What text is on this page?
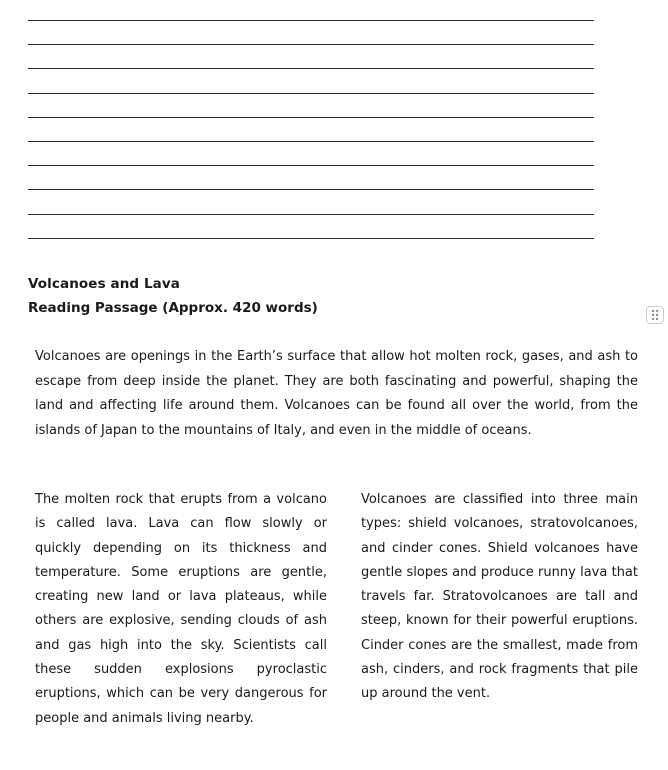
Volcanoes and Lava
Reading Passage (Approx. 420 words)

Volcanoes are openings in the Earth’s surface that allow hot molten rock, gases, and ash to escape from deep inside the planet. They are both fascinating and powerful, shaping the land and affecting life around them. Volcanoes can be found all over the world, from the islands of Japan to the mountains of Italy, and even in the middle of oceans.

The molten rock that erupts from a volcano is called lava. Lava can flow slowly or quickly depending on its thickness and temperature. Some eruptions are gentle, creating new land or lava plateaus, while others are explosive, sending clouds of ash and gas high into the sky. Scientists call these sudden explosions pyroclastic eruptions, which can be very dangerous for people and animals living nearby.

Volcanoes are classified into three main types: shield volcanoes, stratovolcanoes, and cinder cones. Shield volcanoes have gentle slopes and produce runny lava that travels far. Stratovolcanoes are tall and steep, known for their powerful eruptions. Cinder cones are the smallest, made from ash, cinders, and rock fragments that pile up around the vent.
